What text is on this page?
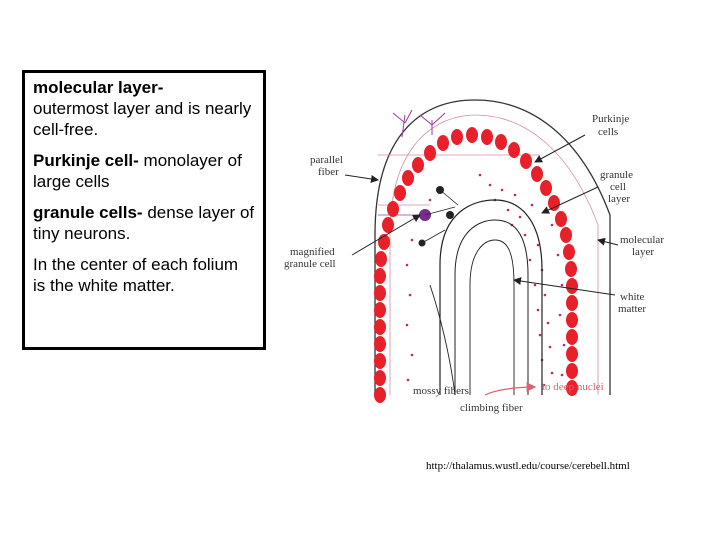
molecular layer-
outermost layer and is nearly cell-free.

Purkinje cell- monolayer of large cells

granule cells- dense layer of tiny neurons.

In the center of each folium is the white matter.

Purkinje cells
parallel fiber	granule cell layer
molecular layer
magnified granule cell
white matter
mossy fibers	to deep nuclei
climbing fiber
http://thalamus.wustl.edu/course/cerebell.html
